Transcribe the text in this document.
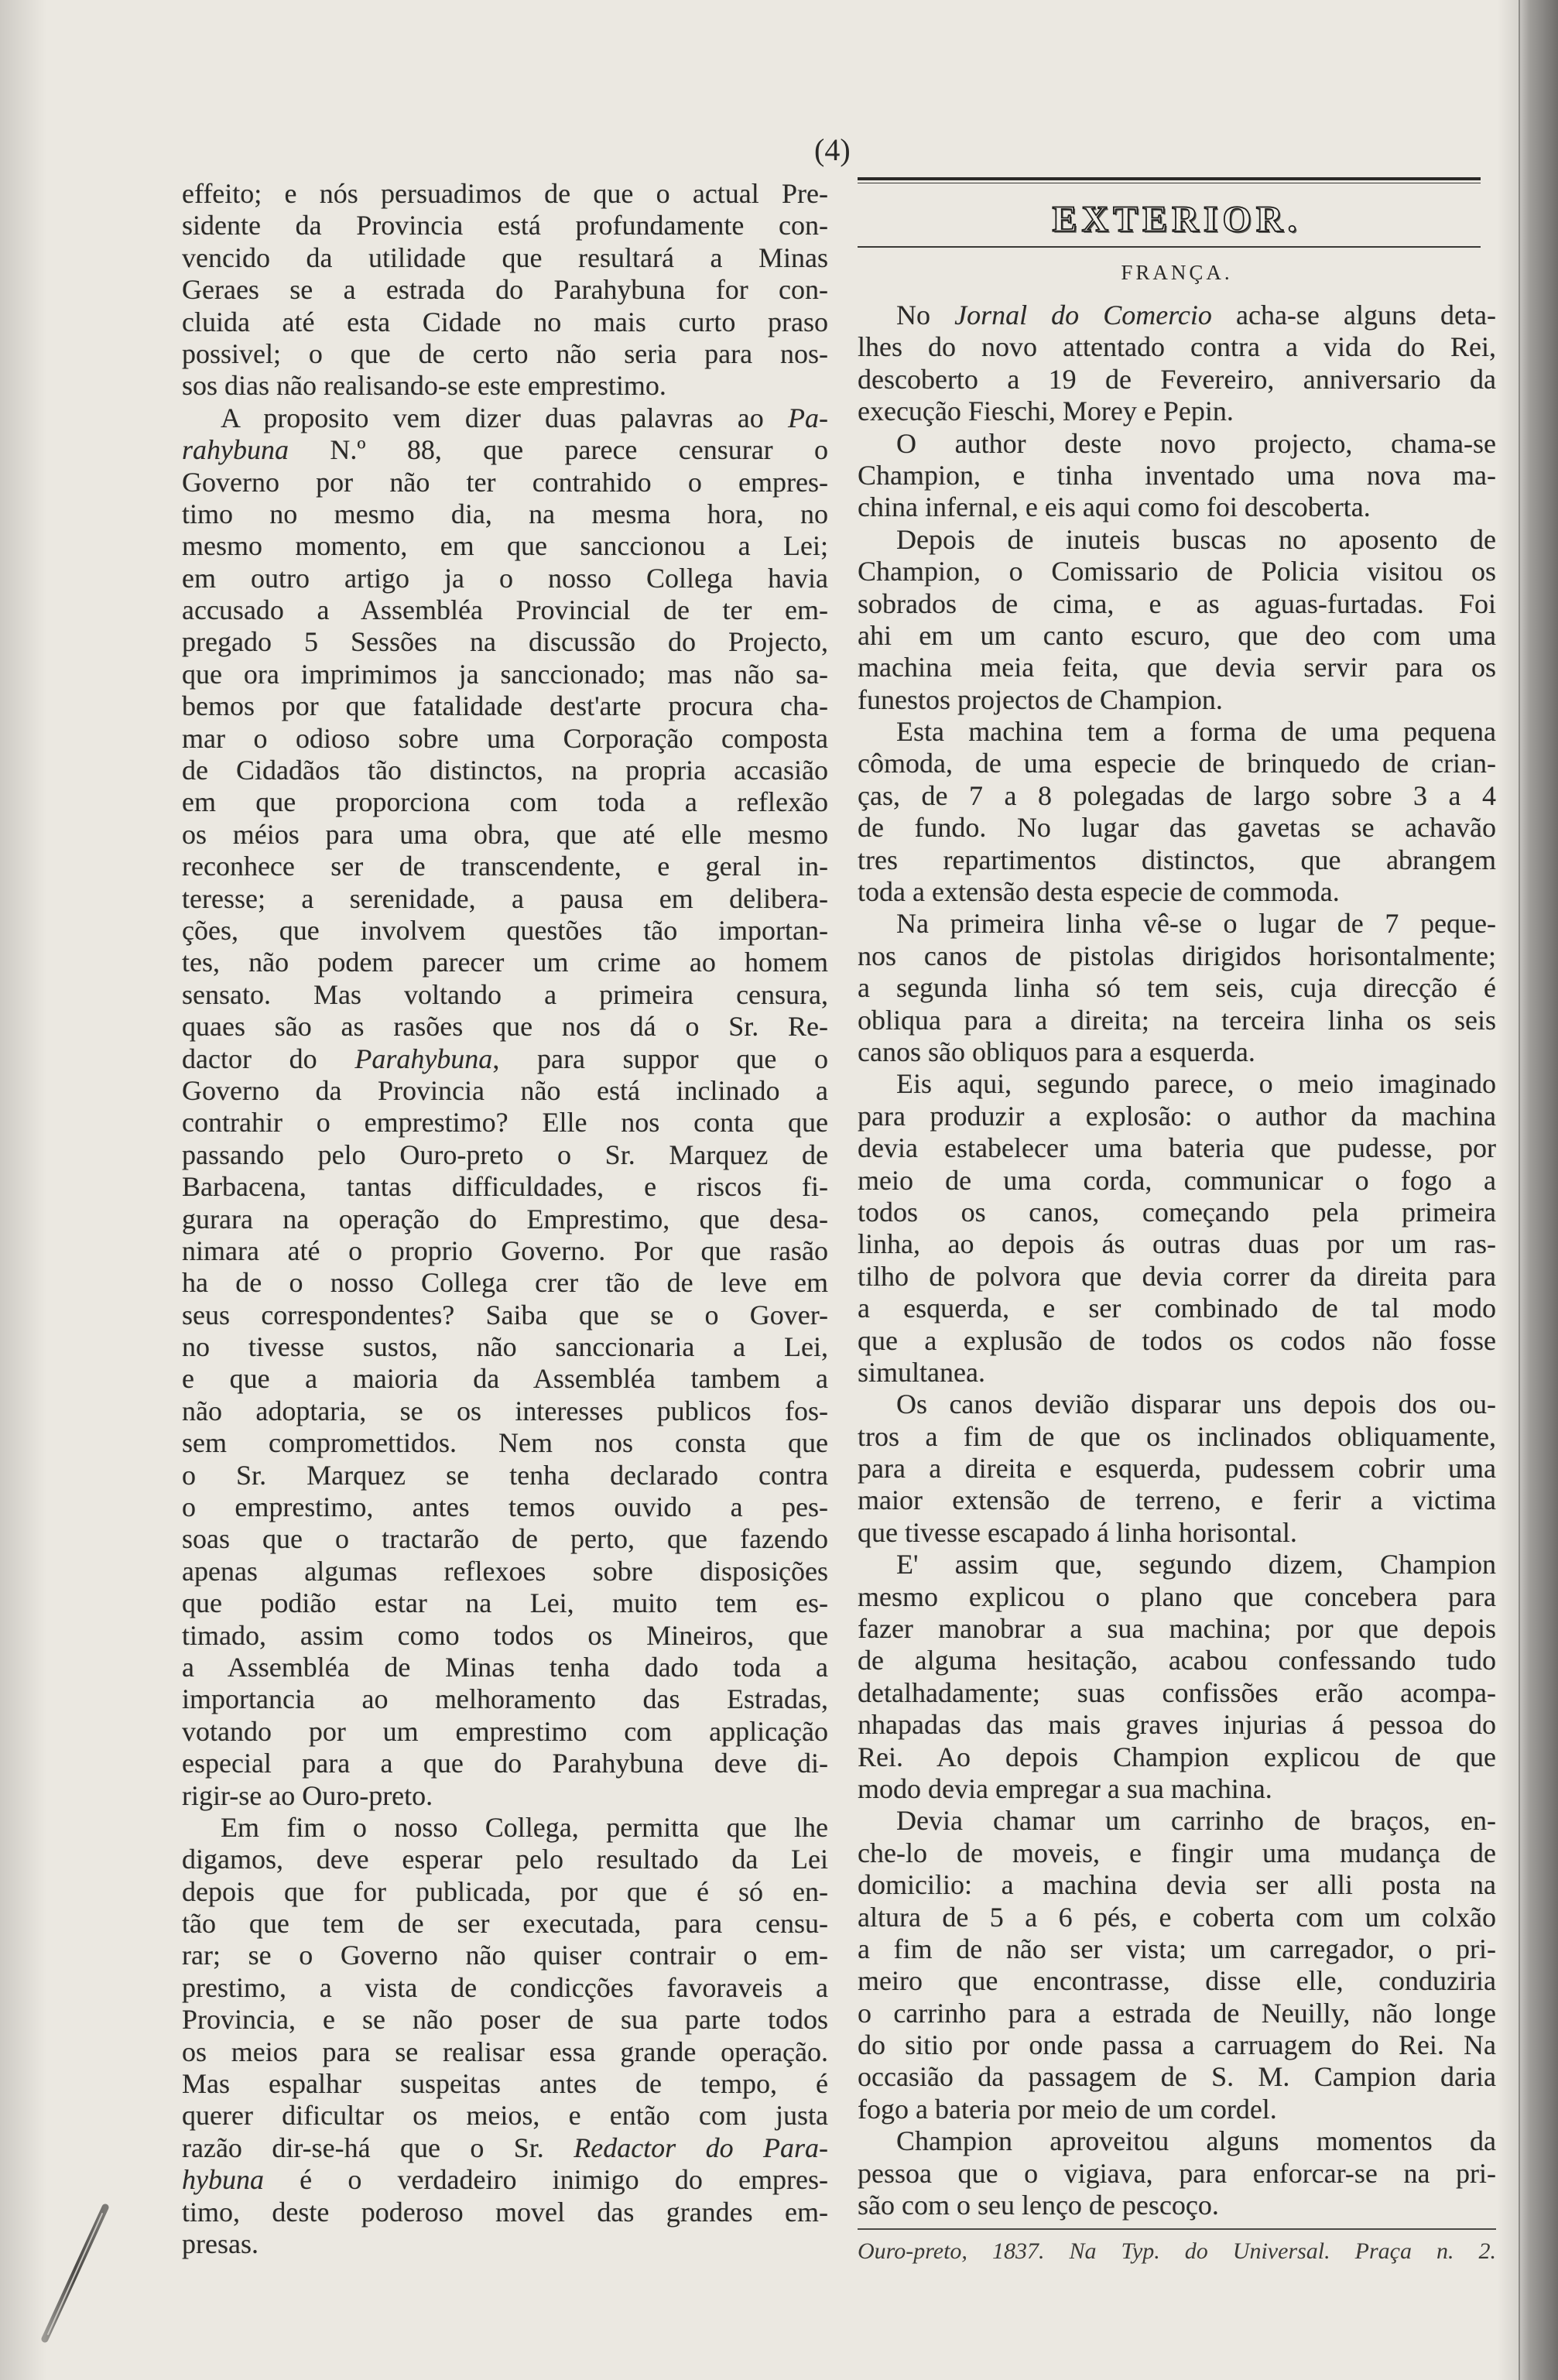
(4)
effeito; e nós persuadimos de que o actual Pre-
sidente da Provincia está profundamente con-
vencido da utilidade que resultará a Minas
Geraes se a estrada do Parahybuna for con-
cluida até esta Cidade no mais curto praso
possivel; o que de certo não seria para nos-
sos dias não realisando-se este emprestimo.
A proposito vem dizer duas palavras ao Pa-
rahybuna N.º 88, que parece censurar o
Governo por não ter contrahido o empres-
timo no mesmo dia, na mesma hora, no
mesmo momento, em que sanccionou a Lei;
em outro artigo ja o nosso Collega havia
accusado a Assembléa Provincial de ter em-
pregado 5 Sessões na discussão do Projecto,
que ora imprimimos ja sanccionado; mas não sa-
bemos por que fatalidade dest'arte procura cha-
mar o odioso sobre uma Corporação composta
de Cidadãos tão distinctos, na propria accasião
em que proporciona com toda a reflexão
os méios para uma obra, que até elle mesmo
reconhece ser de transcendente, e geral in-
teresse; a serenidade, a pausa em delibera-
ções, que involvem questões tão importan-
tes, não podem parecer um crime ao homem
sensato. Mas voltando a primeira censura,
quaes são as rasões que nos dá o Sr. Re-
dactor do Parahybuna, para suppor que o
Governo da Provincia não está inclinado a
contrahir o emprestimo? Elle nos conta que
passando pelo Ouro-preto o Sr. Marquez de
Barbacena, tantas difficuldades, e riscos fi-
gurara na operação do Emprestimo, que desa-
nimara até o proprio Governo. Por que rasão
ha de o nosso Collega crer tão de leve em
seus correspondentes? Saiba que se o Gover-
no tivesse sustos, não sanccionaria a Lei,
e que a maioria da Assembléa tambem a
não adoptaria, se os interesses publicos fos-
sem compromettidos. Nem nos consta que
o Sr. Marquez se tenha declarado contra
o emprestimo, antes temos ouvido a pes-
soas que o tractarão de perto, que fazendo
apenas algumas reflexoes sobre disposições
que podião estar na Lei, muito tem es-
timado, assim como todos os Mineiros, que
a Assembléa de Minas tenha dado toda a
importancia ao melhoramento das Estradas,
votando por um emprestimo com applicação
especial para a que do Parahybuna deve di-
rigir-se ao Ouro-preto.
Em fim o nosso Collega, permitta que lhe
digamos, deve esperar pelo resultado da Lei
depois que for publicada, por que é só en-
tão que tem de ser executada, para censu-
rar; se o Governo não quiser contrair o em-
prestimo, a vista de condicções favoraveis a
Provincia, e se não poser de sua parte todos
os meios para se realisar essa grande operação.
Mas espalhar suspeitas antes de tempo, é
querer dificultar os meios, e então com justa
razão dir-se-há que o Sr. Redactor do Para-
hybuna é o verdadeiro inimigo do empres-
timo, deste poderoso movel das grandes em-
presas.
EXTERIOR.
FRANÇA.
No Jornal do Comercio acha-se alguns deta-
lhes do novo attentado contra a vida do Rei,
descoberto a 19 de Fevereiro, anniversario da
execução Fieschi, Morey e Pepin.
O author deste novo projecto, chama-se
Champion, e tinha inventado uma nova ma-
china infernal, e eis aqui como foi descoberta.
Depois de inuteis buscas no aposento de
Champion, o Comissario de Policia visitou os
sobrados de cima, e as aguas-furtadas. Foi
ahi em um canto escuro, que deo com uma
machina meia feita, que devia servir para os
funestos projectos de Champion.
Esta machina tem a forma de uma pequena
cômoda, de uma especie de brinquedo de crian-
ças, de 7 a 8 polegadas de largo sobre 3 a 4
de fundo. No lugar das gavetas se achavão
tres repartimentos distinctos, que abrangem
toda a extensão desta especie de commoda.
Na primeira linha vê-se o lugar de 7 peque-
nos canos de pistolas dirigidos horisontalmente;
a segunda linha só tem seis, cuja direcção é
obliqua para a direita; na terceira linha os seis
canos são obliquos para a esquerda.
Eis aqui, segundo parece, o meio imaginado
para produzir a explosão: o author da machina
devia estabelecer uma bateria que pudesse, por
meio de uma corda, communicar o fogo a
todos os canos, começando pela primeira
linha, ao depois ás outras duas por um ras-
tilho de polvora que devia correr da direita para
a esquerda, e ser combinado de tal modo
que a explusão de todos os codos não fosse
simultanea.
Os canos devião disparar uns depois dos ou-
tros a fim de que os inclinados obliquamente,
para a direita e esquerda, pudessem cobrir uma
maior extensão de terreno, e ferir a victima
que tivesse escapado á linha horisontal.
E' assim que, segundo dizem, Champion
mesmo explicou o plano que concebera para
fazer manobrar a sua machina; por que depois
de alguma hesitação, acabou confessando tudo
detalhadamente; suas confissões erão acompa-
nhapadas das mais graves injurias á pessoa do
Rei. Ao depois Champion explicou de que
modo devia empregar a sua machina.
Devia chamar um carrinho de braços, en-
che-lo de moveis, e fingir uma mudança de
domicilio: a machina devia ser alli posta na
altura de 5 a 6 pés, e coberta com um colxão
a fim de não ser vista; um carregador, o pri-
meiro que encontrasse, disse elle, conduziria
o carrinho para a estrada de Neuilly, não longe
do sitio por onde passa a carruagem do Rei. Na
occasião da passagem de S. M. Campion daria
fogo a bateria por meio de um cordel.
Champion aproveitou alguns momentos da
pessoa que o vigiava, para enforcar-se na pri-
são com o seu lenço de pescoço.
Ouro-preto, 1837. Na Typ. do Universal. Praça n. 2.
